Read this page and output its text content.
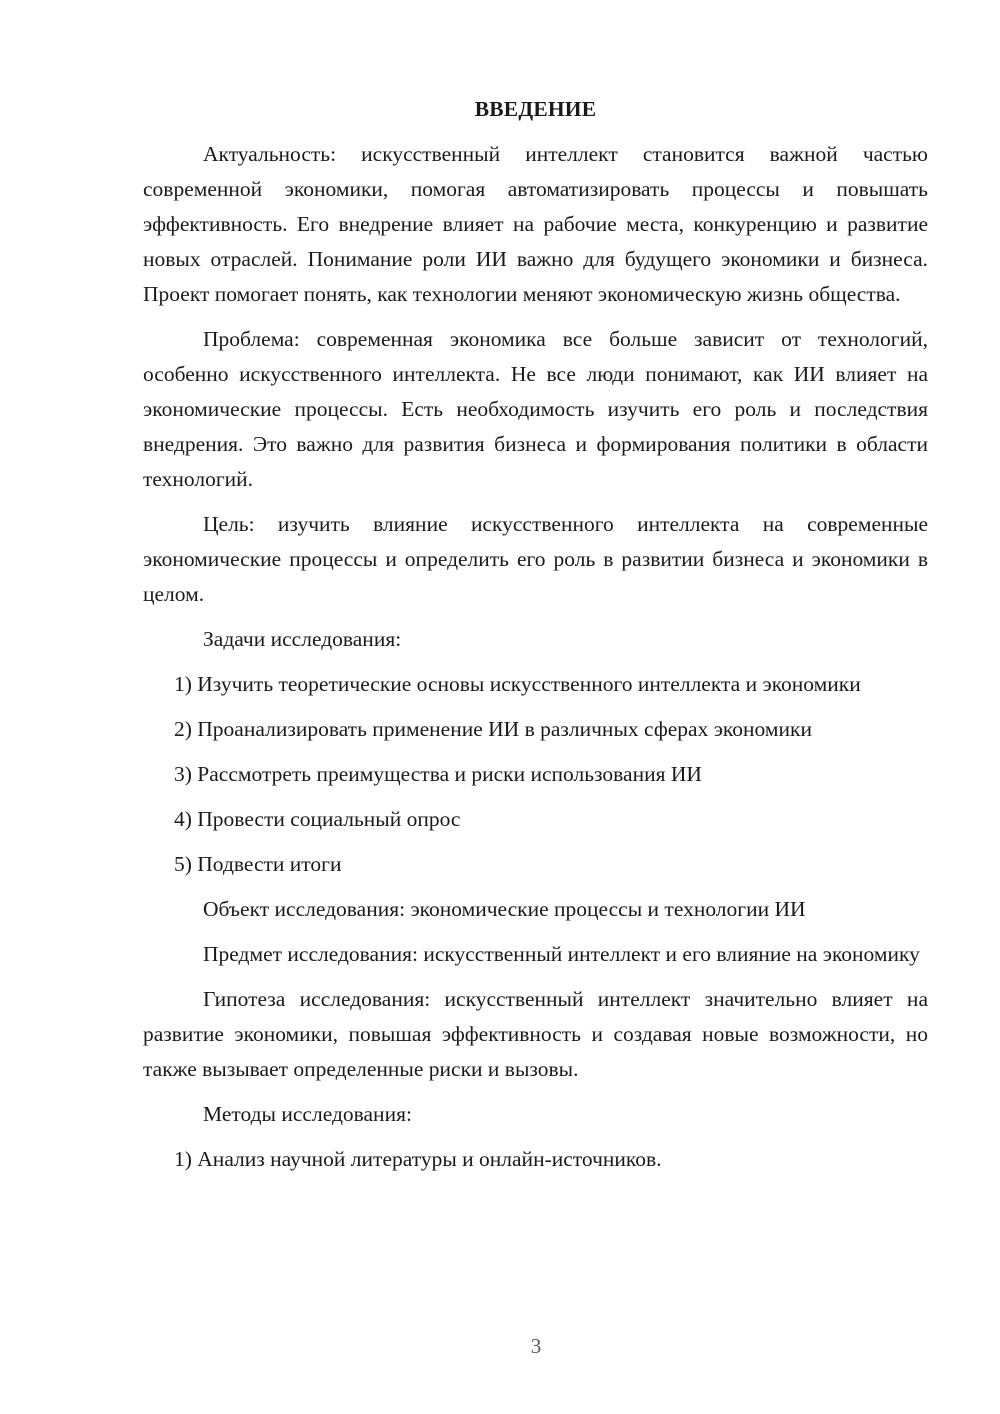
ВВЕДЕНИЕ
Актуальность: искусственный интеллект становится важной частью современной экономики, помогая автоматизировать процессы и повышать эффективность. Его внедрение влияет на рабочие места, конкуренцию и развитие новых отраслей. Понимание роли ИИ важно для будущего экономики и бизнеса. Проект помогает понять, как технологии меняют экономическую жизнь общества.
Проблема: современная экономика все больше зависит от технологий, особенно искусственного интеллекта. Не все люди понимают, как ИИ влияет на экономические процессы. Есть необходимость изучить его роль и последствия внедрения. Это важно для развития бизнеса и формирования политики в области технологий.
Цель: изучить влияние искусственного интеллекта на современные экономические процессы и определить его роль в развитии бизнеса и экономики в целом.
Задачи исследования:
1) Изучить теоретические основы искусственного интеллекта и экономики
2) Проанализировать применение ИИ в различных сферах экономики
3) Рассмотреть преимущества и риски использования ИИ
4) Провести социальный опрос
5) Подвести итоги
Объект исследования: экономические процессы и технологии ИИ
Предмет исследования: искусственный интеллект и его влияние на экономику
Гипотеза исследования: искусственный интеллект значительно влияет на развитие экономики, повышая эффективность и создавая новые возможности, но также вызывает определенные риски и вызовы.
Методы исследования:
1) Анализ научной литературы и онлайн-источников.
3
